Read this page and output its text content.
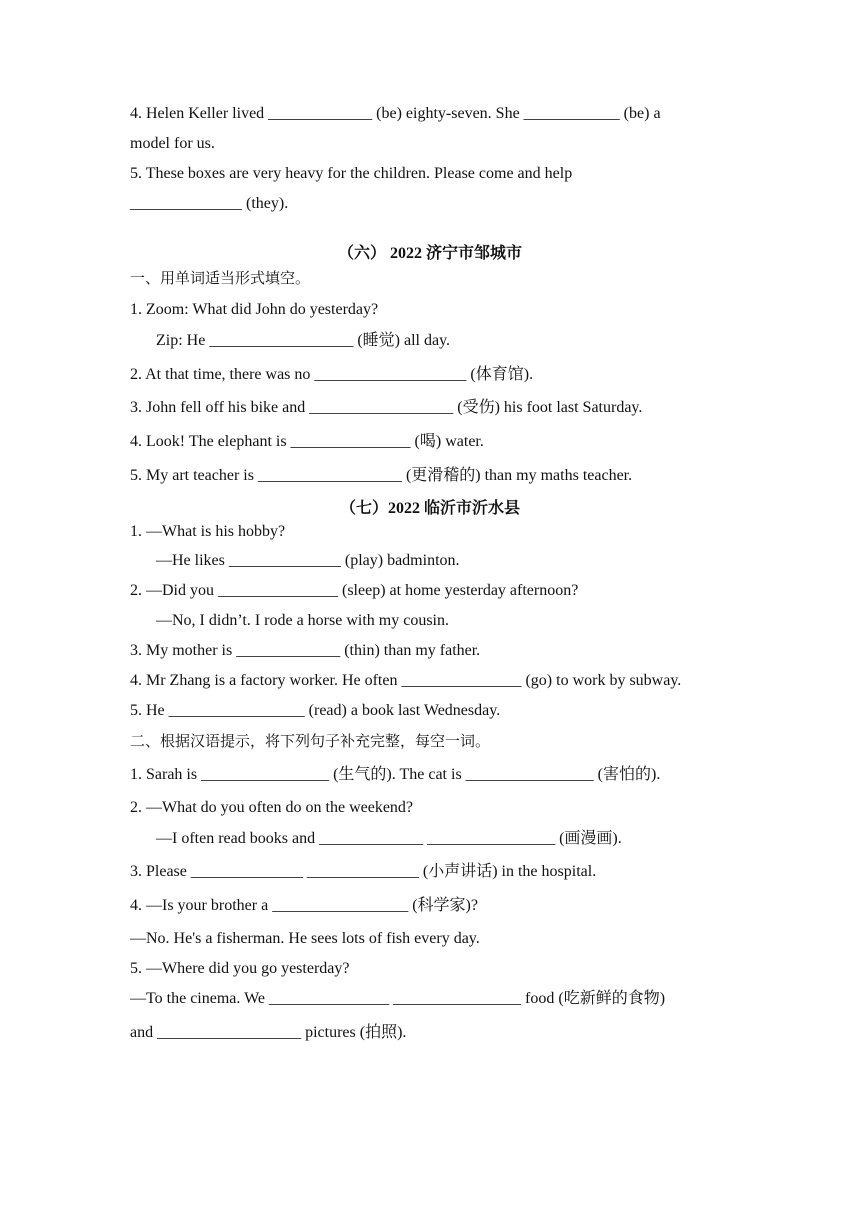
4. Helen Keller lived _____________ (be) eighty-seven. She ____________ (be) a
model for us.
5. These boxes are very heavy for the children. Please come and help
______________ (they).
（六） 2022 济宁市邹城市
一、用单词适当形式填空。
1. Zoom: What did John do yesterday?
Zip: He __________________ (睡觉) all day.
2. At that time, there was no ___________________ (体育馆).
3. John fell off his bike and __________________ (受伤) his foot last Saturday.
4. Look! The elephant is _______________ (喝) water.
5. My art teacher is __________________ (更滑稽的) than my maths teacher.
（七）2022 临沂市沂水县
1. —What is his hobby?
—He likes ______________ (play) badminton.
2. —Did you _______________ (sleep) at home yesterday afternoon?
—No, I didn’t. I rode a horse with my cousin.
3. My mother is _____________ (thin) than my father.
4. Mr Zhang is a factory worker. He often _______________ (go) to work by subway.
5. He _________________ (read) a book last Wednesday.
二、根据汉语提示，将下列句子补充完整，每空一词。
1. Sarah is ________________ (生气的). The cat is ________________ (害怕的).
2. —What do you often do on the weekend?
—I often read books and _____________ ________________ (画漫画).
3. Please ______________ ______________ (小声讲话) in the hospital.
4. —Is your brother a _________________ (科学家)?
—No. He's a fisherman. He sees lots of fish every day.
5. —Where did you go yesterday?
—To the cinema. We _______________ ________________ food (吃新鲜的食物)
and __________________ pictures (拍照).
